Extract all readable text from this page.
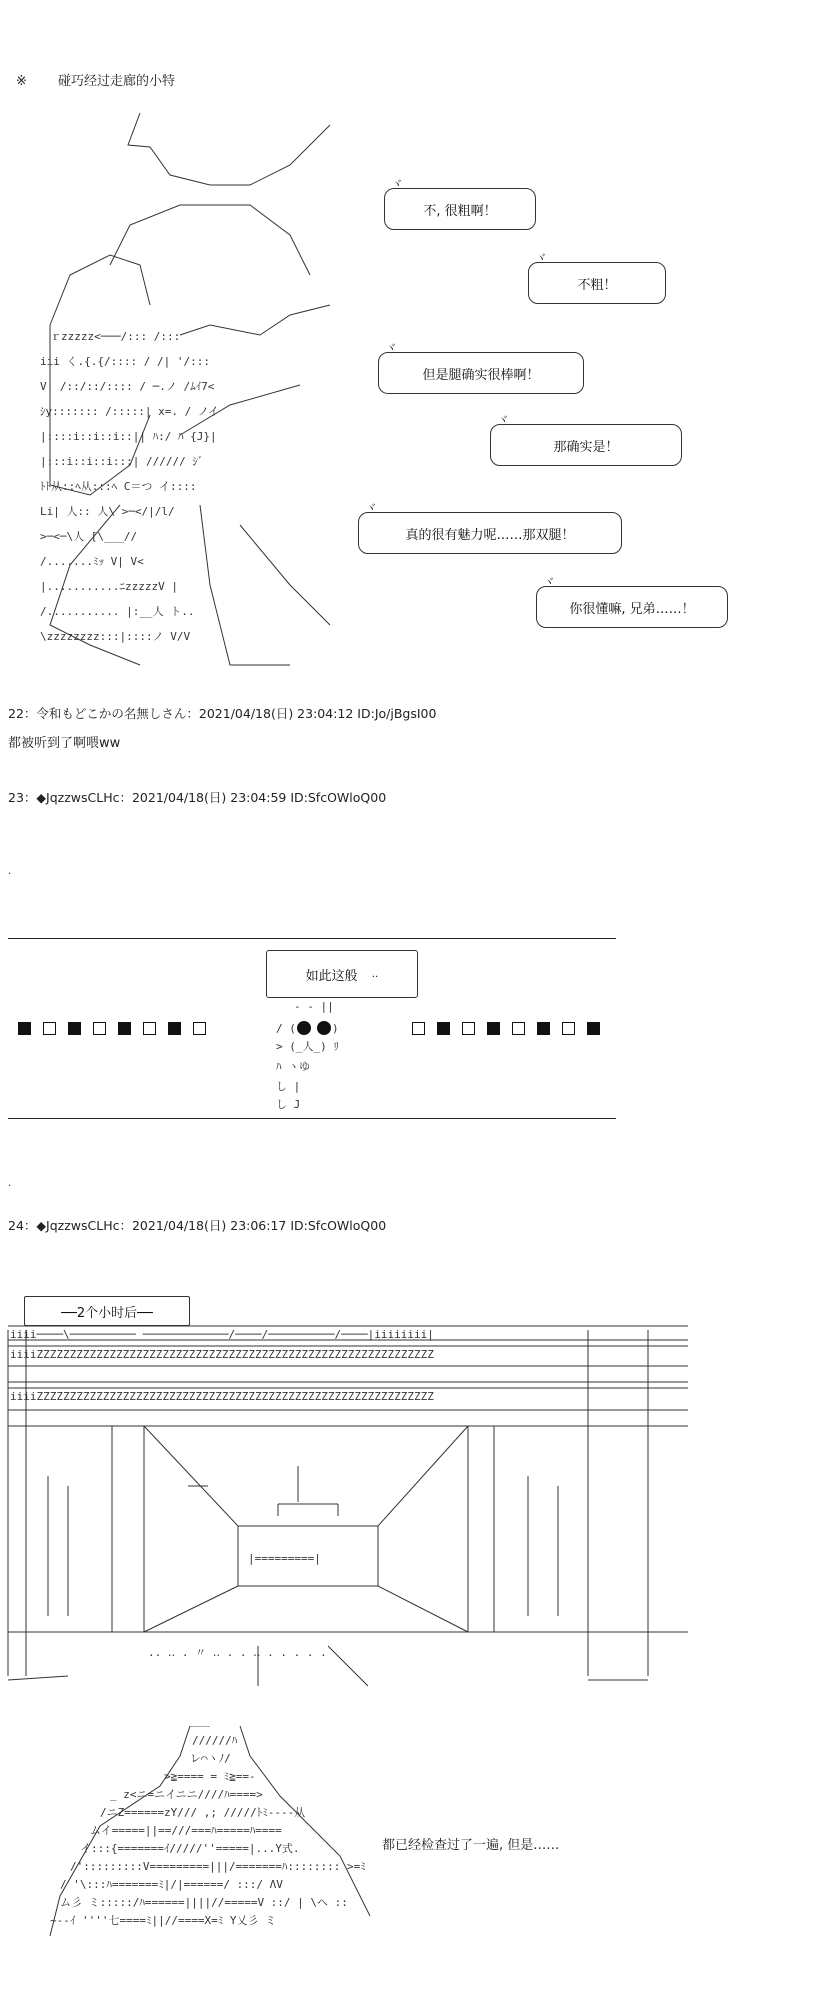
※ 碰巧经过走廊的小特
ｒzzzzz<───/::: /:::
iii く.{.{/:::: / /| '/:::
V| /::/::/:::: / ─.ノ /ﾑｲ7<
ｼy::::::: /:::::| x=. / ノイ
|::::i::i::i::|| ﾊ:/ ﾊ {J}|
|:::i::i::i:::| ////// ｼﾞ
ﾄﾄ从::ﾍ从:::ﾍ C＝つ イ::::
Li| 人:: 人\ >─</|/l/
>─<─\人 [\___//
/.......ﾐｯ V| V<
|...........ﾆzzzzzV |
/........... |:__人 ト..
\zzzzzzzz:::|::::ノ V/V
ヾ
不, 很粗啊！
ヾ
不粗！
ヾ
但是腿确实很棒啊！
ヾ
那确实是！
ヾ
真的很有魅力呢……那双腿！
ヾ
你很懂嘛, 兄弟……！
22：令和もどこかの名無しさん：2021/04/18(日) 23:04:12 ID:Jo/jBgsI00
都被听到了啊喂ww
23：◆JqzzwsCLHc：2021/04/18(日) 23:04:59 ID:SfcOWloQ00
.
如此这般 ‥
- - ||
/ (	)
> (_人_) ﾘ
ﾊ ヽゆ
し |
し J
.
24：◆JqzzwsCLHc：2021/04/18(日) 23:06:17 ID:SfcOWloQ00
──2个小时后──
iiii────\────────── ─────────────/────/──────────/────|iiiiiiii|
iiiiZZZZZZZZZZZZZZZZZZZZZZZZZZZZZZZZZZZZZZZZZZZZZZZZZZZZZZZZZZZZ
iiiiZZZZZZZZZZZZZZZZZZZZZZZZZZZZZZZZZZZZZZZZZZZZZZZZZZZZZZZZZZZZ
|=========|
.. ‥ . 〃 ‥ . . ‥ . . . . .
___
//////ﾊ
レ⌒ヽﾉ/
>≧==== = ﾐ≧==-
_ z<ニ=ニイニニ////ﾊ====>
/ニZ======zY/// ,; /////ﾄﾐ----从
ムイ=====||==///===ﾊ=====ﾊ====
イ:::{=======ｲ/////''=====|...Y式.
/':::::::::V=========|||/=======ﾊ:::::::: >=ﾐ
/ '\:::ﾊ=======ﾐ|/|======/ :::/ ΛV
ム彡 ミ:::::/ﾊ======||||//=====V ::/ | \ヘ ::
~--ｲ ''''七====ﾐ||//====X=ﾐ Y乂彡 ミ
都已经检查过了一遍, 但是……
